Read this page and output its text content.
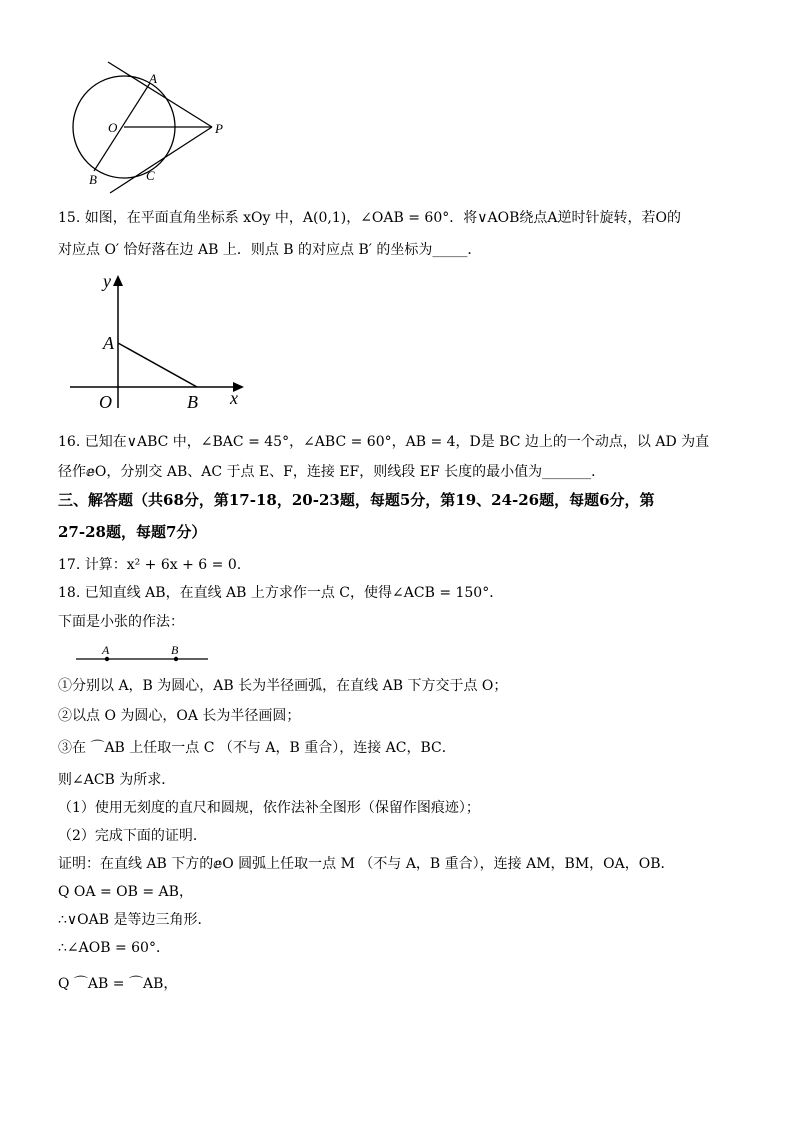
A
O	P
B	C
15. 如图，在平面直角坐标系 xOy 中，A(0,1)，∠OAB = 60°．将∨AOB绕点A逆时针旋转，若O的
对应点 O′ 恰好落在边 AB 上．则点 B 的对应点 B′ 的坐标为_____．
y
A
O	B x
16. 已知在∨ABC 中，∠BAC = 45°，∠ABC = 60°，AB = 4，D是 BC 边上的一个动点，以 AD 为直
径作ⅇO，分别交 AB、AC 于点 E、F，连接 EF，则线段 EF 长度的最小值为_______．
三、解答题（共68分，第17-18，20-23题，每题5分，第19、24-26题，每题6分，第
27-28题，每题7分）
17. 计算：x² + 6x + 6 = 0.
18. 已知直线 AB，在直线 AB 上方求作一点 C，使得∠ACB = 150°．
下面是小张的作法：
A	B
①分别以 A，B 为圆心，AB 长为半径画弧，在直线 AB 下方交于点 O；
②以点 O 为圆心，OA 长为半径画圆；
③在 ⌒AB 上任取一点 C （不与 A，B 重合），连接 AC，BC．
则∠ACB 为所求．
（1）使用无刻度的直尺和圆规，依作法补全图形（保留作图痕迹）；
（2）完成下面的证明．
证明：在直线 AB 下方的ⅇO 圆弧上任取一点 M （不与 A，B 重合），连接 AM，BM，OA，OB．
Q OA = OB = AB，
∴∨OAB 是等边三角形．
∴∠AOB = 60°．
Q ⌒AB = ⌒AB，
